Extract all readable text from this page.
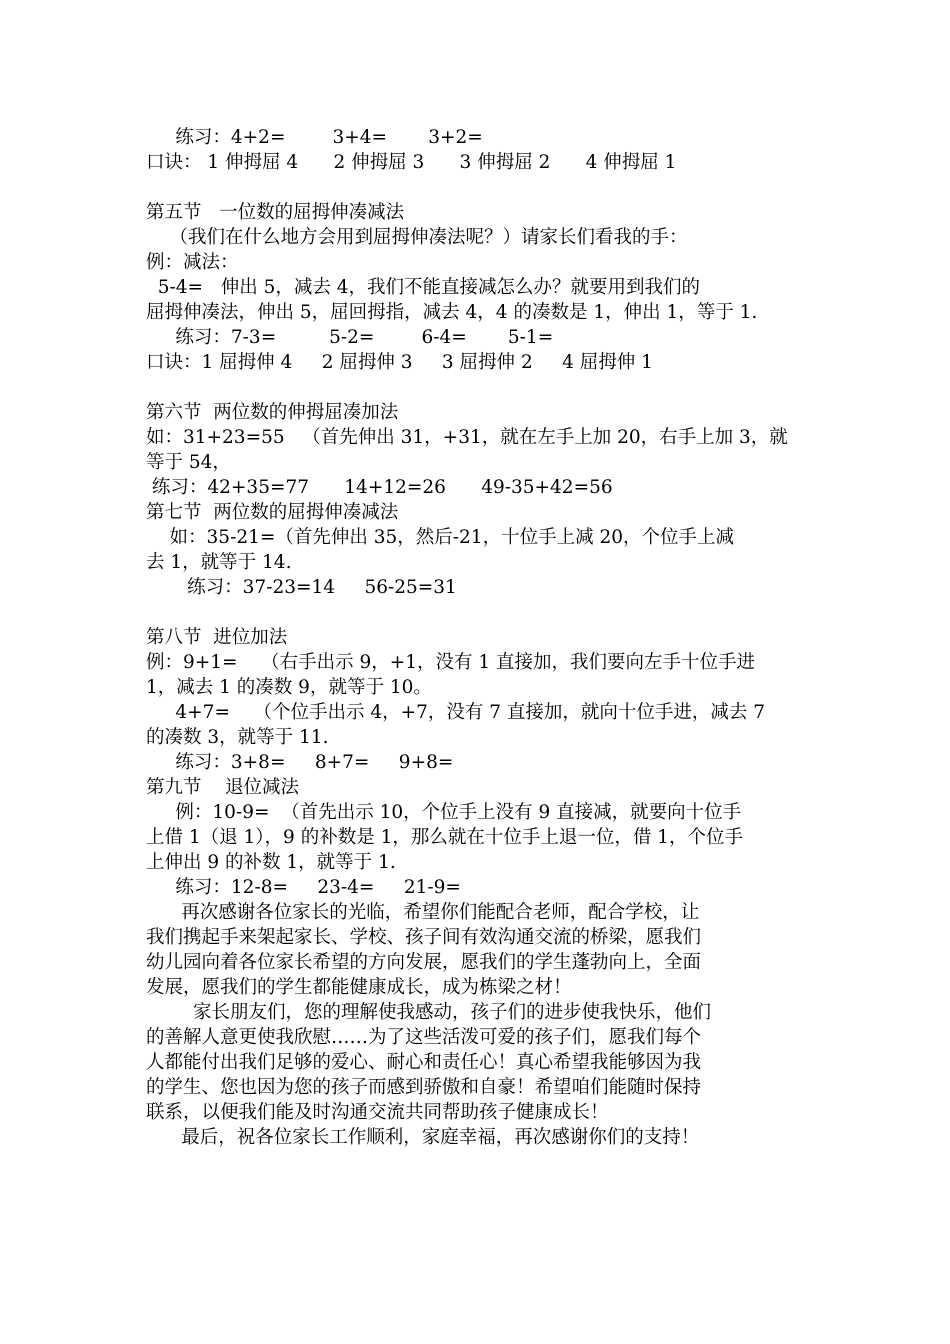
练习：4+2=        3+4=       3+2=
口诀： 1 伸拇屈 4      2 伸拇屈 3      3 伸拇屈 2      4 伸拇屈 1
第五节   一位数的屈拇伸凑减法
（我们在什么地方会用到屈拇伸凑法呢？）请家长们看我的手：
例：减法：
5-4=   伸出 5，减去 4，我们不能直接减怎么办？就要用到我们的
屈拇伸凑法，伸出 5，屈回拇指，减去 4，4 的凑数是 1，伸出 1，等于 1.
练习：7-3=         5-2=        6-4=       5-1=
口诀：1 屈拇伸 4     2 屈拇伸 3     3 屈拇伸 2     4 屈拇伸 1
第六节  两位数的伸拇屈凑加法
如：31+23=55   （首先伸出 31，+31，就在左手上加 20，右手上加 3，就
等于 54，
练习：42+35=77      14+12=26      49-35+42=56
第七节  两位数的屈拇伸凑减法
如：35-21=（首先伸出 35，然后-21，十位手上减 20，个位手上减
去 1，就等于 14.
练习：37-23=14     56-25=31
第八节  进位加法
例：9+1=    （右手出示 9，+1，没有 1 直接加，我们要向左手十位手进
1，减去 1 的凑数 9，就等于 10。
4+7=    （个位手出示 4，+7，没有 7 直接加，就向十位手进，减去 7
的凑数 3，就等于 11.
练习：3+8=     8+7=     9+8=
第九节    退位减法
例：10-9=  （首先出示 10，个位手上没有 9 直接减，就要向十位手
上借 1（退 1），9 的补数是 1，那么就在十位手上退一位，借 1，个位手
上伸出 9 的补数 1，就等于 1.
练习：12-8=     23-4=     21-9=
再次感谢各位家长的光临，希望你们能配合老师，配合学校，让
我们携起手来架起家长、学校、孩子间有效沟通交流的桥梁，愿我们
幼儿园向着各位家长希望的方向发展，愿我们的学生蓬勃向上，全面
发展，愿我们的学生都能健康成长，成为栋梁之材！
家长朋友们，您的理解使我感动，孩子们的进步使我快乐，他们
的善解人意更使我欣慰……为了这些活泼可爱的孩子们，愿我们每个
人都能付出我们足够的爱心、耐心和责任心！真心希望我能够因为我
的学生、您也因为您的孩子而感到骄傲和自豪！希望咱们能随时保持
联系，以便我们能及时沟通交流共同帮助孩子健康成长！
最后，祝各位家长工作顺利，家庭幸福，再次感谢你们的支持！
